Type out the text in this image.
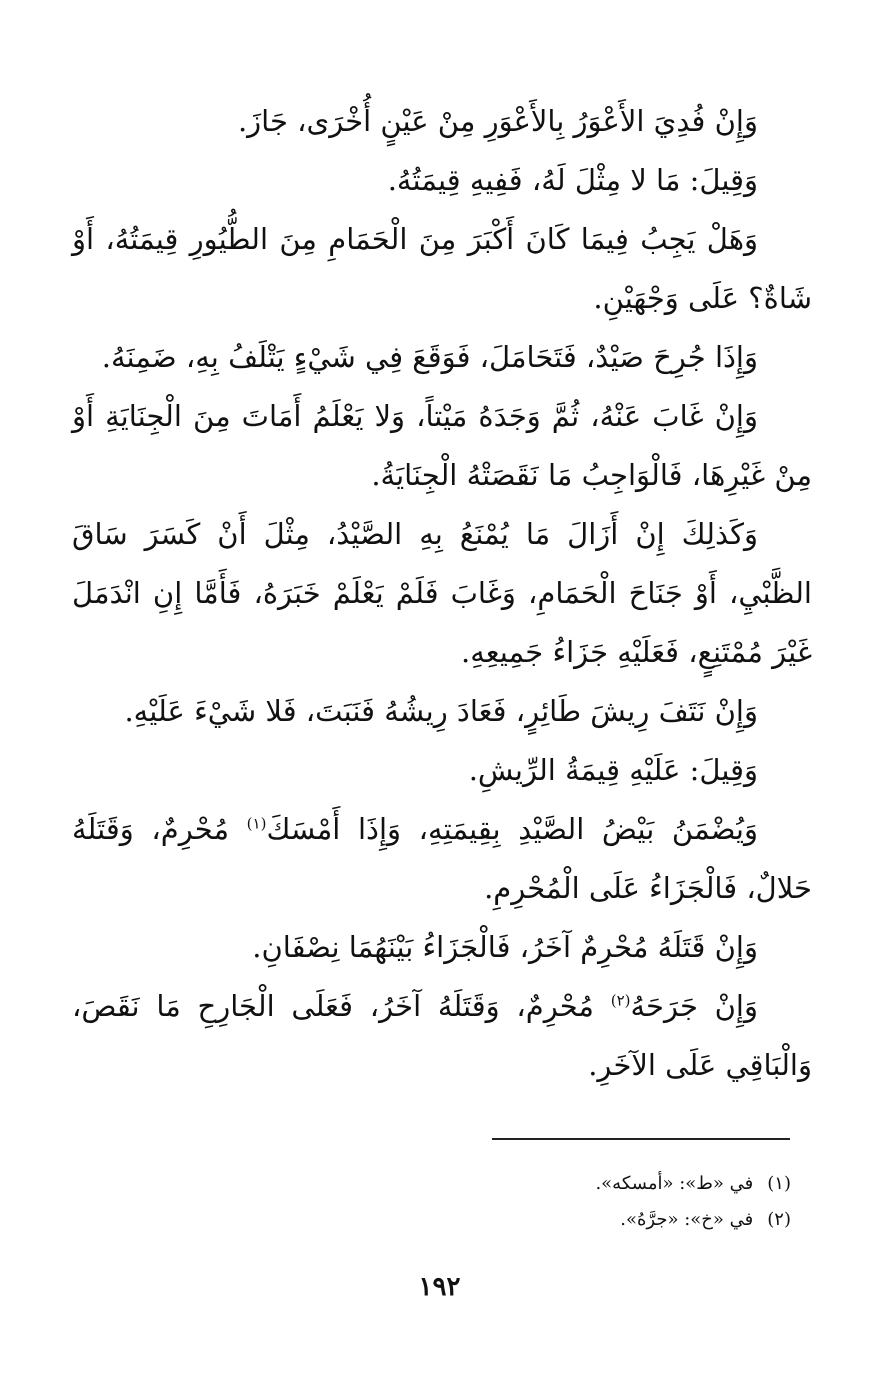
وَإِنْ فُدِيَ الأَعْوَرُ بِالأَعْوَرِ مِنْ عَيْنٍ أُخْرَى، جَازَ.

وَقِيلَ: مَا لا مِثْلَ لَهُ، فَفِيهِ قِيمَتُهُ.

وَهَلْ يَجِبُ فِيمَا كَانَ أَكْبَرَ مِنَ الْحَمَامِ مِنَ الطُّيُورِ قِيمَتُهُ، أَوْ شَاةٌ؟ عَلَى وَجْهَيْنِ.

وَإِذَا جُرِحَ صَيْدٌ، فَتَحَامَلَ، فَوَقَعَ فِي شَيْءٍ يَتْلَفُ بِهِ، ضَمِنَهُ.

وَإِنْ غَابَ عَنْهُ، ثُمَّ وَجَدَهُ مَيْتاً، وَلا يَعْلَمُ أَمَاتَ مِنَ الْجِنَايَةِ أَوْ مِنْ غَيْرِهَا، فَالْوَاجِبُ مَا نَقَصَتْهُ الْجِنَايَةُ.

وَكَذلِكَ إِنْ أَزَالَ مَا يُمْنَعُ بِهِ الصَّيْدُ، مِثْلَ أَنْ كَسَرَ سَاقَ الظَّبْيِ، أَوْ جَنَاحَ الْحَمَامِ، وَغَابَ فَلَمْ يَعْلَمْ خَبَرَهُ، فَأَمَّا إِنِ انْدَمَلَ غَيْرَ مُمْتَنِعٍ، فَعَلَيْهِ جَزَاءُ جَمِيعِهِ.

وَإِنْ نَتَفَ رِيشَ طَائِرٍ، فَعَادَ رِيشُهُ فَنَبَتَ، فَلا شَيْءَ عَلَيْهِ.

وَقِيلَ: عَلَيْهِ قِيمَةُ الرِّيشِ.

وَيُضْمَنُ بَيْضُ الصَّيْدِ بِقِيمَتِهِ، وَإِذَا أَمْسَكَ$^{(١)}$ مُحْرِمٌ، وَقَتَلَهُ حَلالٌ، فَالْجَزَاءُ عَلَى الْمُحْرِمِ.

وَإِنْ قَتَلَهُ مُحْرِمٌ آخَرُ، فَالْجَزَاءُ بَيْنَهُمَا نِصْفَانِ.

وَإِنْ جَرَحَهُ$^{(٢)}$ مُحْرِمٌ، وَقَتَلَهُ آخَرُ، فَعَلَى الْجَارِحِ مَا نَقَصَ، وَالْبَاقِي عَلَى الآخَرِ.

(١)
في «ط»: «أمسكه».
(٢)
في «خ»: «جرَّهُ».
١٩٢
